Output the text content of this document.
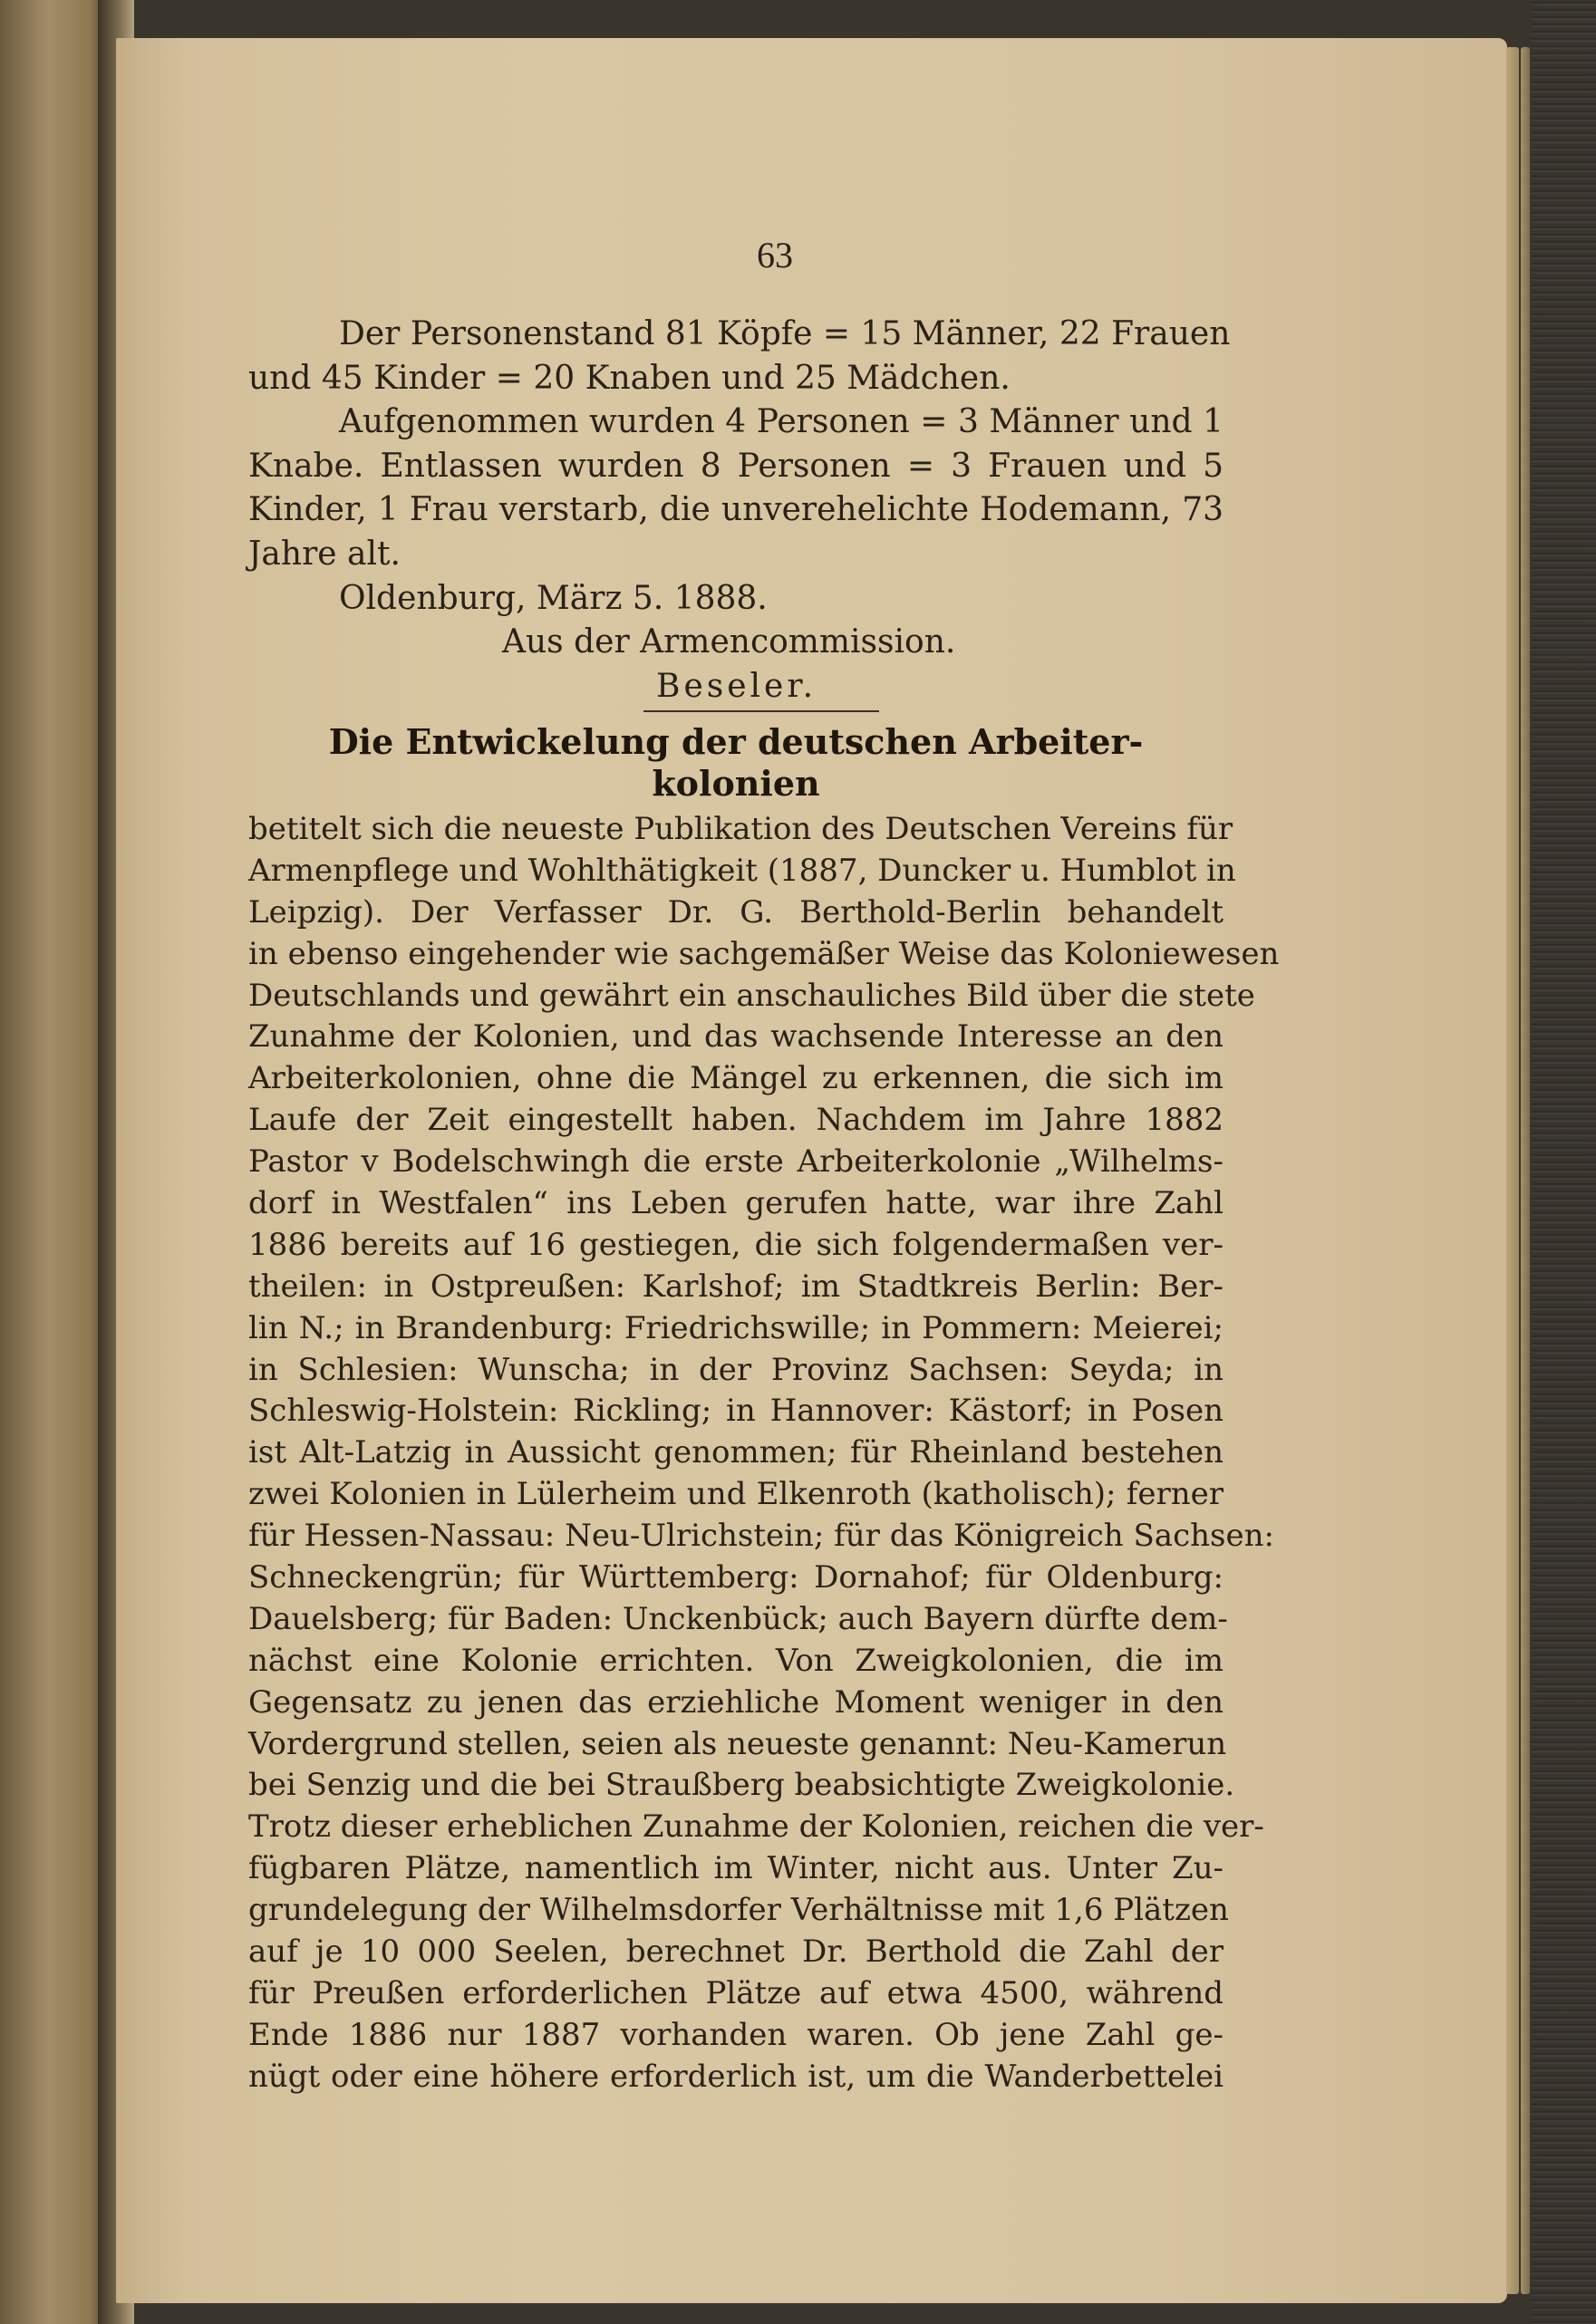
63
Der Personenstand 81 Köpfe = 15 Männer, 22 Frauen
und 45 Kinder = 20 Knaben und 25 Mädchen.
Aufgenommen wurden 4 Personen = 3 Männer und 1
Knabe. Entlassen wurden 8 Personen = 3 Frauen und 5
Kinder, 1 Frau verstarb, die unverehelichte Hodemann, 73
Jahre alt.
Oldenburg, März 5. 1888.
Aus der Armencommission.
Beseler.
Die Entwickelung der deutschen Arbeiter-
kolonien
betitelt sich die neueste Publikation des Deutschen Vereins für
Armenpflege und Wohlthätigkeit (1887, Duncker u. Humblot in
Leipzig). Der Verfasser Dr. G. Berthold-Berlin behandelt
in ebenso eingehender wie sachgemäßer Weise das Koloniewesen
Deutschlands und gewährt ein anschauliches Bild über die stete
Zunahme der Kolonien, und das wachsende Interesse an den
Arbeiterkolonien, ohne die Mängel zu erkennen, die sich im
Laufe der Zeit eingestellt haben. Nachdem im Jahre 1882
Pastor v Bodelschwingh die erste Arbeiterkolonie „Wilhelms-
dorf in Westfalen“ ins Leben gerufen hatte, war ihre Zahl
1886 bereits auf 16 gestiegen, die sich folgendermaßen ver-
theilen: in Ostpreußen: Karlshof; im Stadtkreis Berlin: Ber-
lin N.; in Brandenburg: Friedrichswille; in Pommern: Meierei;
in Schlesien: Wunscha; in der Provinz Sachsen: Seyda; in
Schleswig-Holstein: Rickling; in Hannover: Kästorf; in Posen
ist Alt-Latzig in Aussicht genommen; für Rheinland bestehen
zwei Kolonien in Lülerheim und Elkenroth (katholisch); ferner
für Hessen-Nassau: Neu-Ulrichstein; für das Königreich Sachsen:
Schneckengrün; für Württemberg: Dornahof; für Oldenburg:
Dauelsberg; für Baden: Unckenbück; auch Bayern dürfte dem-
nächst eine Kolonie errichten. Von Zweigkolonien, die im
Gegensatz zu jenen das erziehliche Moment weniger in den
Vordergrund stellen, seien als neueste genannt: Neu-Kamerun
bei Senzig und die bei Straußberg beabsichtigte Zweigkolonie.
Trotz dieser erheblichen Zunahme der Kolonien, reichen die ver-
fügbaren Plätze, namentlich im Winter, nicht aus. Unter Zu-
grundelegung der Wilhelmsdorfer Verhältnisse mit 1,6 Plätzen
auf je 10 000 Seelen, berechnet Dr. Berthold die Zahl der
für Preußen erforderlichen Plätze auf etwa 4500, während
Ende 1886 nur 1887 vorhanden waren. Ob jene Zahl ge-
nügt oder eine höhere erforderlich ist, um die Wanderbettelei
